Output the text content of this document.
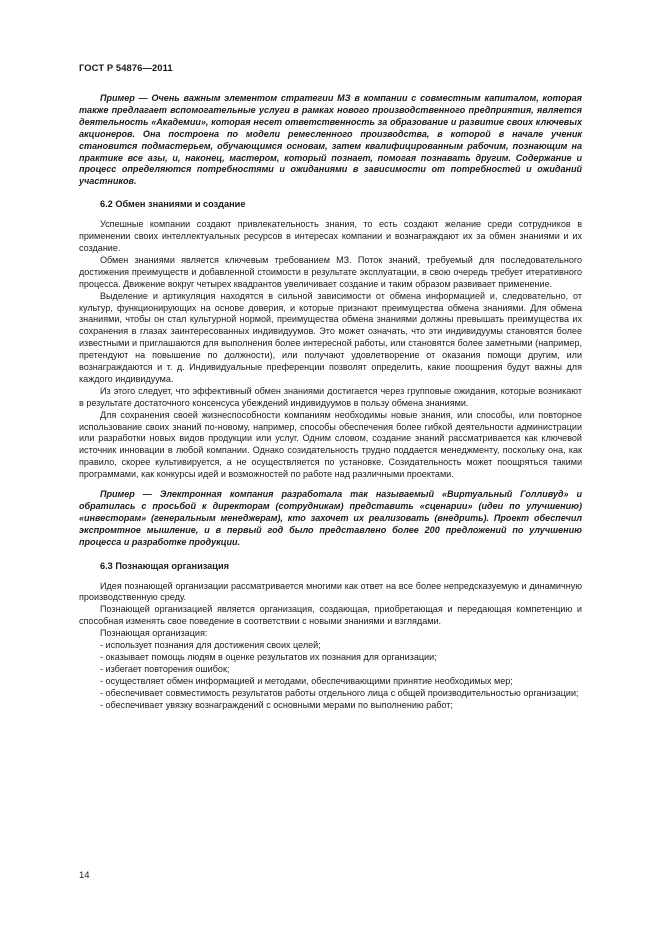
ГОСТ Р 54876—2011

Пример — Очень важным элементом стратегии МЗ в компании с совместным капиталом, которая также предлагает вспомогательные услуги в рамках нового производственного предприятия, является деятельность «Академии», которая несет ответственность за образование и развитие своих ключевых акционеров. Она построена по модели ремесленного производства, в которой в начале ученик становится подмастерьем, обучающимся основам, затем квалифицированным рабочим, познающим на практике все азы, и, наконец, мастером, который познает, помогая познавать другим. Содержание и процесс определяются потребностями и ожиданиями в зависимости от потребностей и ожиданий участников.

6.2 Обмен знаниями и создание

Успешные компании создают привлекательность знания, то есть создают желание среди сотрудников в применении своих интеллектуальных ресурсов в интересах компании и вознаграждают их за обмен знаниями и их создание.

Обмен знаниями является ключевым требованием МЗ. Поток знаний, требуемый для последовательного достижения преимуществ и добавленной стоимости в результате эксплуатации, в свою очередь требует итеративного процесса. Движение вокруг четырех квадрантов увеличивает создание и таким образом развивает применение.

Выделение и артикуляция находятся в сильной зависимости от обмена информацией и, следовательно, от культур, функционирующих на основе доверия, и которые признают преимущества обмена знаниями. Для обмена знаниями, чтобы он стал культурной нормой, преимущества обмена знаниями должны превышать преимущества их сохранения в глазах заинтересованных индивидуумов. Это может означать, что эти индивидуумы становятся более известными и приглашаются для выполнения более интересной работы, или становятся более заметными (например, претендуют на повышение по должности), или получают удовлетворение от оказания помощи другим, или вознаграждаются и т. д. Индивидуальные преференции позволят определить, какие поощрения будут важны для каждого индивидуума.

Из этого следует, что эффективный обмен знаниями достигается через групповые ожидания, которые возникают в результате достаточного консенсуса убеждений индивидуумов в пользу обмена знаниями.

Для сохранения своей жизнеспособности компаниям необходимы новые знания, или способы, или повторное использование своих знаний по-новому, например, способы обеспечения более гибкой деятельности администрации или разработки новых видов продукции или услуг. Одним словом, создание знаний рассматривается как ключевой источник инновации в любой компании. Однако созидательность трудно поддается менеджменту, поскольку она, как правило, скорее культивируется, а не осуществляется по установке. Созидательность может поощряться такими программами, как конкурсы идей и возможностей по работе над различными проектами.

Пример — Электронная компания разработала так называемый «Виртуальный Голливуд» и обратилась с просьбой к директорам (сотрудникам) представить «сценарии» (идеи по улучшению) «инвесторам» (генеральным менеджерам), кто захочет их реализовать (внедрить). Проект обеспечил экспромтное мышление, и в первый год было представлено более 200 предложений по улучшению процесса и разработке продукции.

6.3 Познающая организация

Идея познающей организации рассматривается многими как ответ на все более непредсказуемую и динамичную производственную среду.

Познающей организацией является организация, создающая, приобретающая и передающая компетенцию и способная изменять свое поведение в соответствии с новыми знаниями и взглядами.

Познающая организация:

- использует познания для достижения своих целей;

- оказывает помощь людям в оценке результатов их познания для организации;

- избегает повторения ошибок;

- осуществляет обмен информацией и методами, обеспечивающими принятие необходимых мер;

- обеспечивает совместимость результатов работы отдельного лица с общей производительностью организации;

- обеспечивает увязку вознаграждений с основными мерами по выполнению работ;

14
